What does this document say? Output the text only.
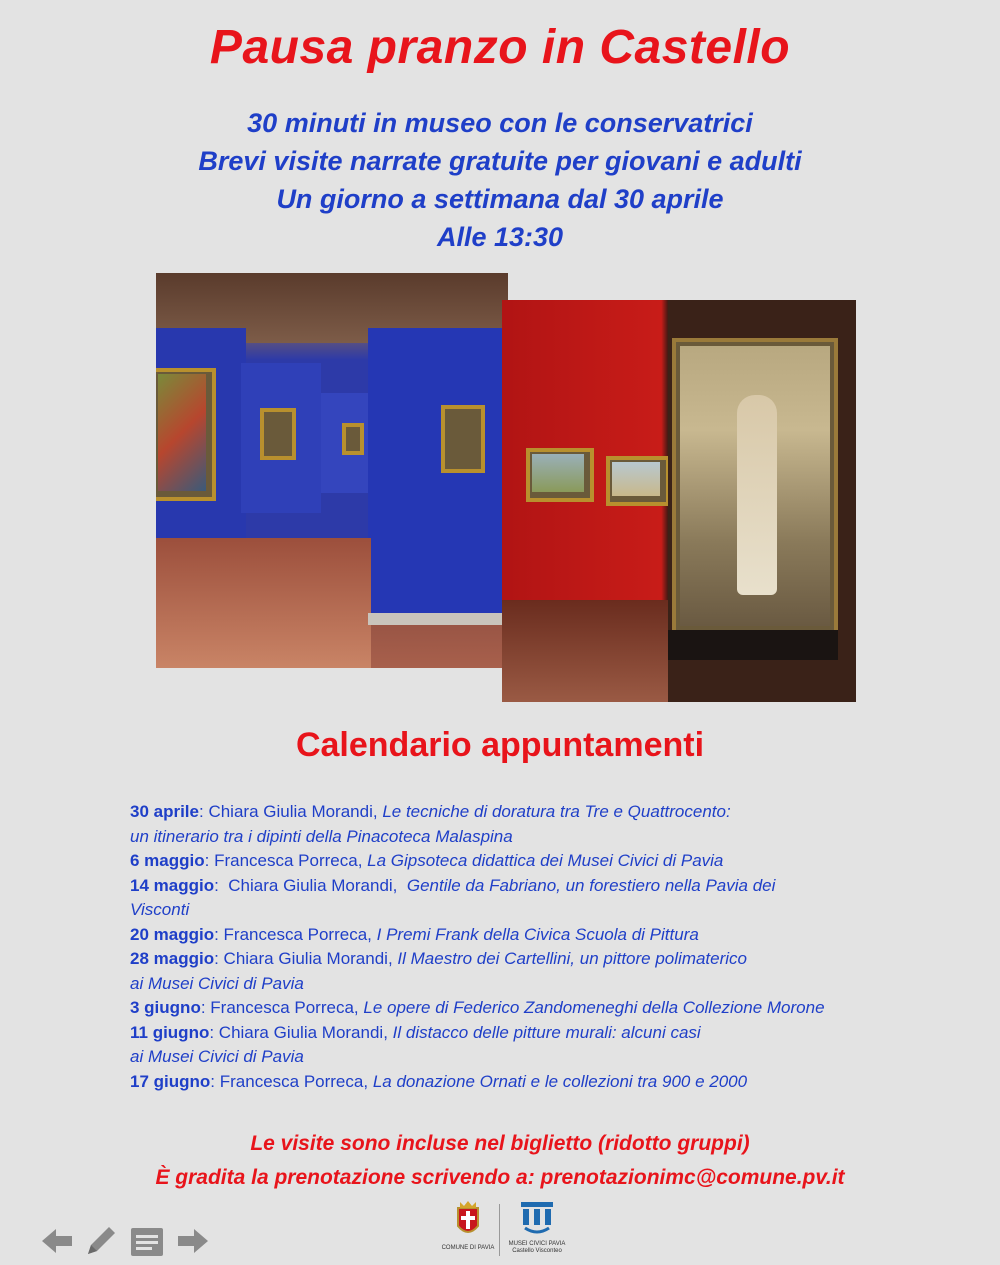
Pausa pranzo in Castello
30 minuti in museo con le conservatrici
Brevi visite narrate gratuite per giovani e adulti
Un giorno a settimana dal 30 aprile
Alle 13:30
Calendario appuntamenti

30 aprile: Chiara Giulia Morandi, Le tecniche di doratura tra Tre e Quattrocento:
un itinerario tra i dipinti della Pinacoteca Malaspina

6 maggio: Francesca Porreca, La Gipsoteca didattica dei Musei Civici di Pavia

14 maggio:  Chiara Giulia Morandi,  Gentile da Fabriano, un forestiero nella Pavia dei
Visconti

20 maggio: Francesca Porreca, I Premi Frank della Civica Scuola di Pittura

28 maggio: Chiara Giulia Morandi, Il Maestro dei Cartellini, un pittore polimaterico
ai Musei Civici di Pavia

3 giugno: Francesca Porreca, Le opere di Federico Zandomeneghi della Collezione Morone

11 giugno: Chiara Giulia Morandi, Il distacco delle pitture murali: alcuni casi
ai Musei Civici di Pavia

17 giugno: Francesca Porreca, La donazione Ornati e le collezioni tra 900 e 2000

Le visite sono incluse nel biglietto (ridotto gruppi)
È gradita la prenotazione scrivendo a: prenotazionimc@comune.pv.it
COMUNE DI PAVIA
MUSEI CIVICI PAVIA
Castello Visconteo
